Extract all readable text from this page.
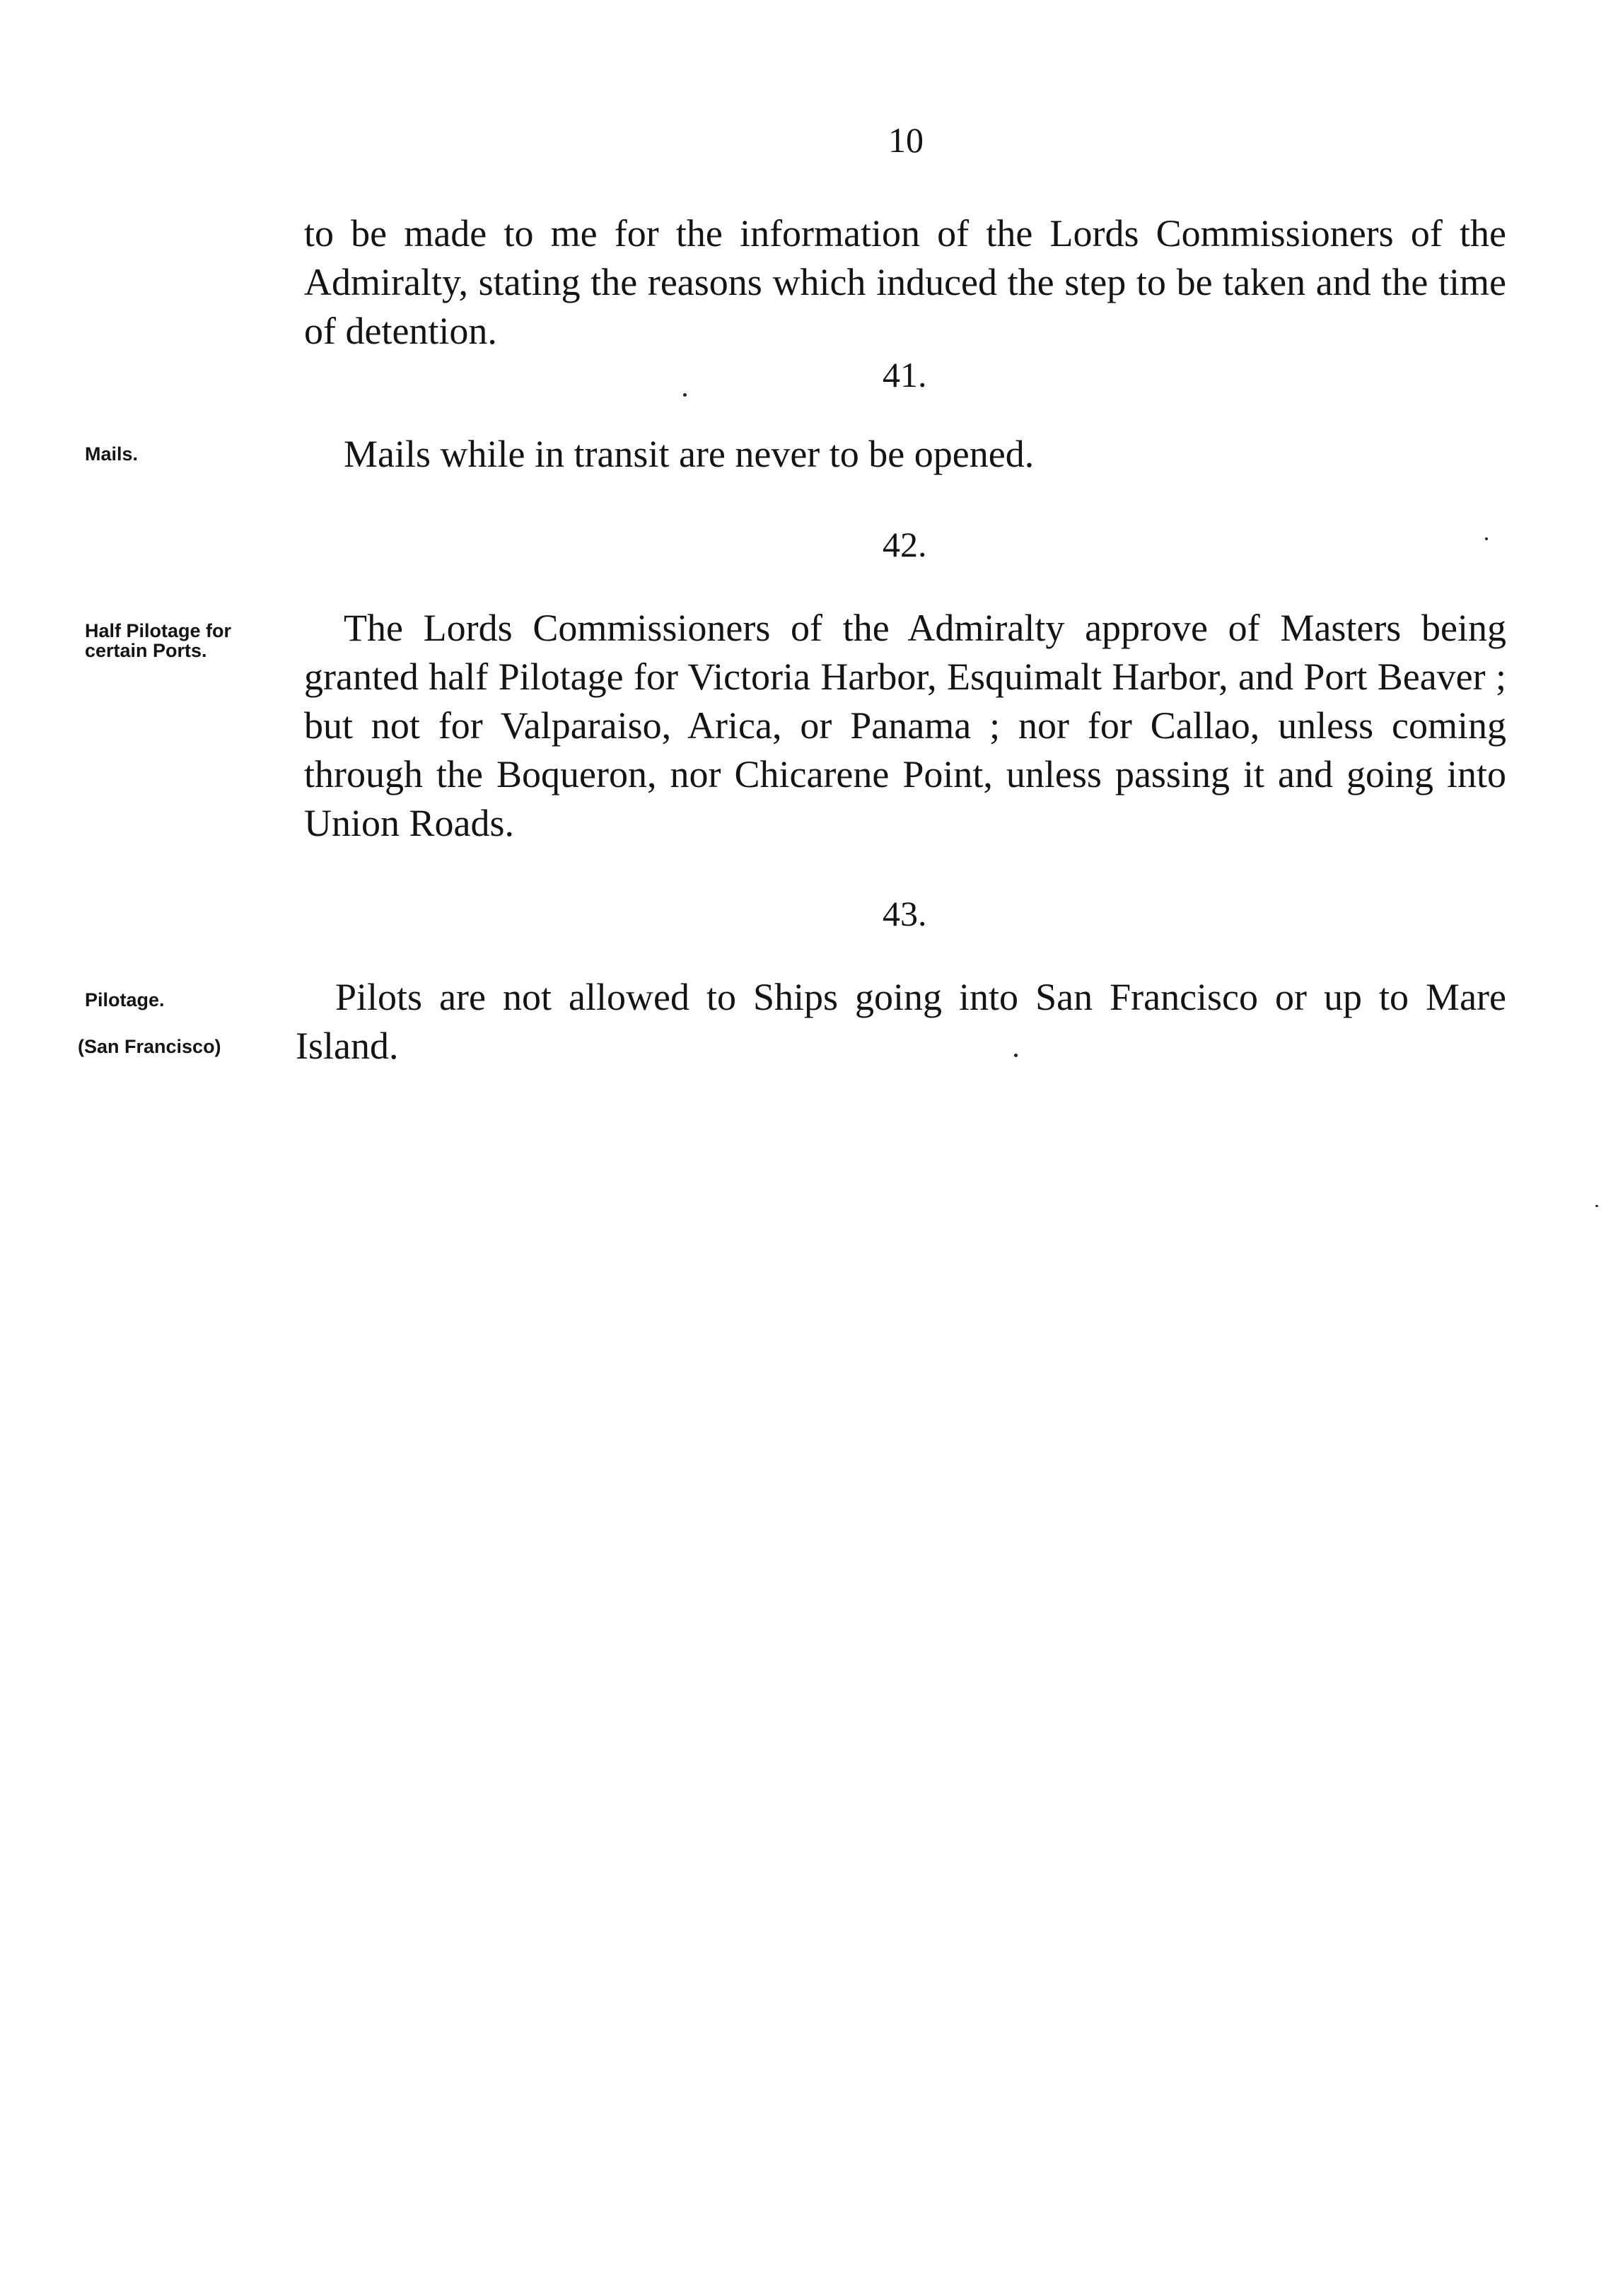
10

to be made to me for the information of the Lords Commissioners of the Admiralty, stating the reasons which induced the step to be taken and the time of detention.

41.
Mails.	Mails while in transit are never to be opened.

42.
Half Pilotage for certain Ports.

The Lords Commissioners of the Admiralty approve of Masters being granted half Pilotage for Victoria Harbor, Esquimalt Harbor, and Port Beaver ; but not for Valparaiso, Arica, or Panama ; nor for Callao, unless coming through the Boqueron, nor Chicarene Point, unless passing it and going into Union Roads.

43.
Pilotage.
(San Francisco)

Pilots are not allowed to Ships going into San Francisco or up to Mare Island.
